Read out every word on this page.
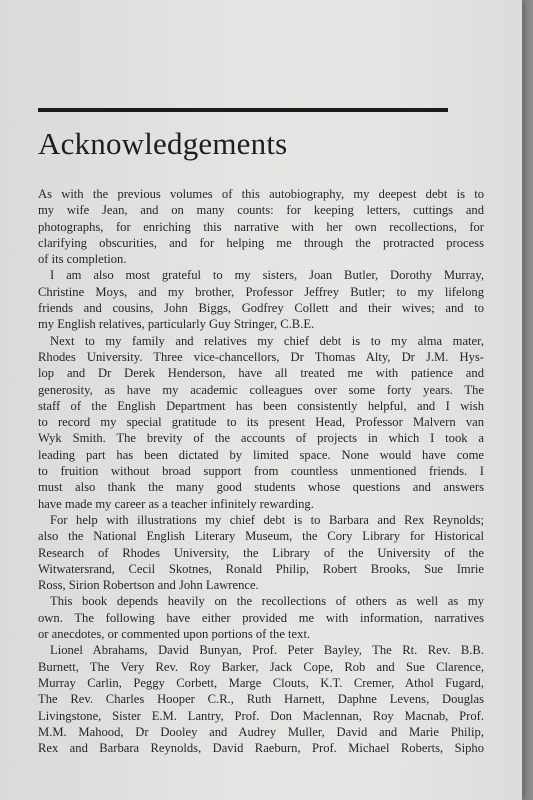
Acknowledgements
As with the previous volumes of this autobiography, my deepest debt is to
my wife Jean, and on many counts: for keeping letters, cuttings and
photographs, for enriching this narrative with her own recollections, for
clarifying obscurities, and for helping me through the protracted process
of its completion.
I am also most grateful to my sisters, Joan Butler, Dorothy Murray,
Christine Moys, and my brother, Professor Jeffrey Butler; to my lifelong
friends and cousins, John Biggs, Godfrey Collett and their wives; and to
my English relatives, particularly Guy Stringer, C.B.E.
Next to my family and relatives my chief debt is to my alma mater,
Rhodes University. Three vice-chancellors, Dr Thomas Alty, Dr J.M. Hys-
lop and Dr Derek Henderson, have all treated me with patience and
generosity, as have my academic colleagues over some forty years. The
staff of the English Department has been consistently helpful, and I wish
to record my special gratitude to its present Head, Professor Malvern van
Wyk Smith. The brevity of the accounts of projects in which I took a
leading part has been dictated by limited space. None would have come
to fruition without broad support from countless unmentioned friends. I
must also thank the many good students whose questions and answers
have made my career as a teacher infinitely rewarding.
For help with illustrations my chief debt is to Barbara and Rex Reynolds;
also the National English Literary Museum, the Cory Library for Historical
Research of Rhodes University, the Library of the University of the
Witwatersrand, Cecil Skotnes, Ronald Philip, Robert Brooks, Sue Imrie
Ross, Sirion Robertson and John Lawrence.
This book depends heavily on the recollections of others as well as my
own. The following have either provided me with information, narratives
or anecdotes, or commented upon portions of the text.
Lionel Abrahams, David Bunyan, Prof. Peter Bayley, The Rt. Rev. B.B.
Burnett, The Very Rev. Roy Barker, Jack Cope, Rob and Sue Clarence,
Murray Carlin, Peggy Corbett, Marge Clouts, K.T. Cremer, Athol Fugard,
The Rev. Charles Hooper C.R., Ruth Harnett, Daphne Levens, Douglas
Livingstone, Sister E.M. Lantry, Prof. Don Maclennan, Roy Macnab, Prof.
M.M. Mahood, Dr Dooley and Audrey Muller, David and Marie Philip,
Rex and Barbara Reynolds, David Raeburn, Prof. Michael Roberts, Sipho
